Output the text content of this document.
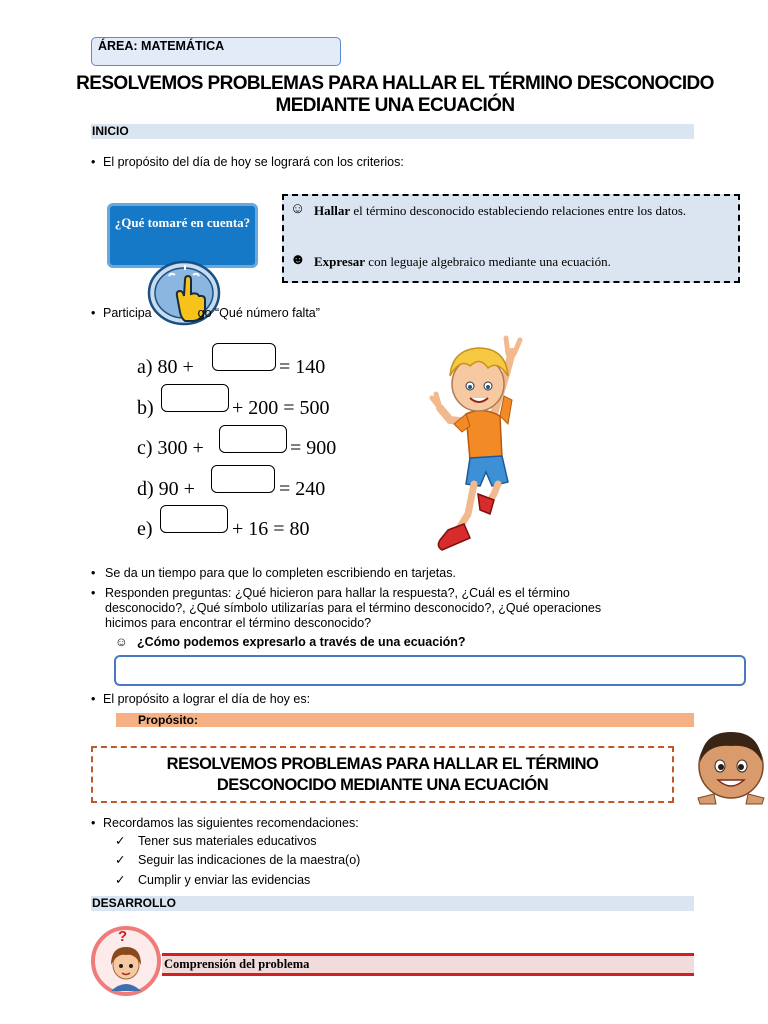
ÁREA: MATEMÁTICA
RESOLVEMOS PROBLEMAS PARA HALLAR EL TÉRMINO DESCONOCIDO
MEDIANTE UNA ECUACIÓN
INICIO
• El propósito del día de hoy se logrará con los criterios:
¿Qué tomaré en cuenta?
☺ Hallar el término desconocido estableciendo relaciones entre los datos.
☻ Expresar con leguaje algebraico mediante una ecuación.
• Participa	go “Qué número falta”
a) 80 +	= 140
b)	+ 200 = 500
c) 300 +	= 900
d) 90 +	= 240
e)	+ 16 = 80
• Se da un tiempo para que lo completen escribiendo en tarjetas.
• Responden preguntas: ¿Qué hicieron para hallar la respuesta?, ¿Cuál es el término
desconocido?, ¿Qué símbolo utilizarías para el término desconocido?, ¿Qué operaciones
hicimos para encontrar el término desconocido?
☺ ¿Cómo podemos expresarlo a través de una ecuación?
• El propósito a lograr el día de hoy es:
Propósito:
RESOLVEMOS PROBLEMAS PARA HALLAR EL TÉRMINO
DESCONOCIDO MEDIANTE UNA ECUACIÓN
• Recordamos las siguientes recomendaciones:
✓ Tener sus materiales educativos
✓ Seguir las indicaciones de la maestra(o)
✓ Cumplir y enviar las evidencias
DESARROLLO
Comprensión del problema
?
